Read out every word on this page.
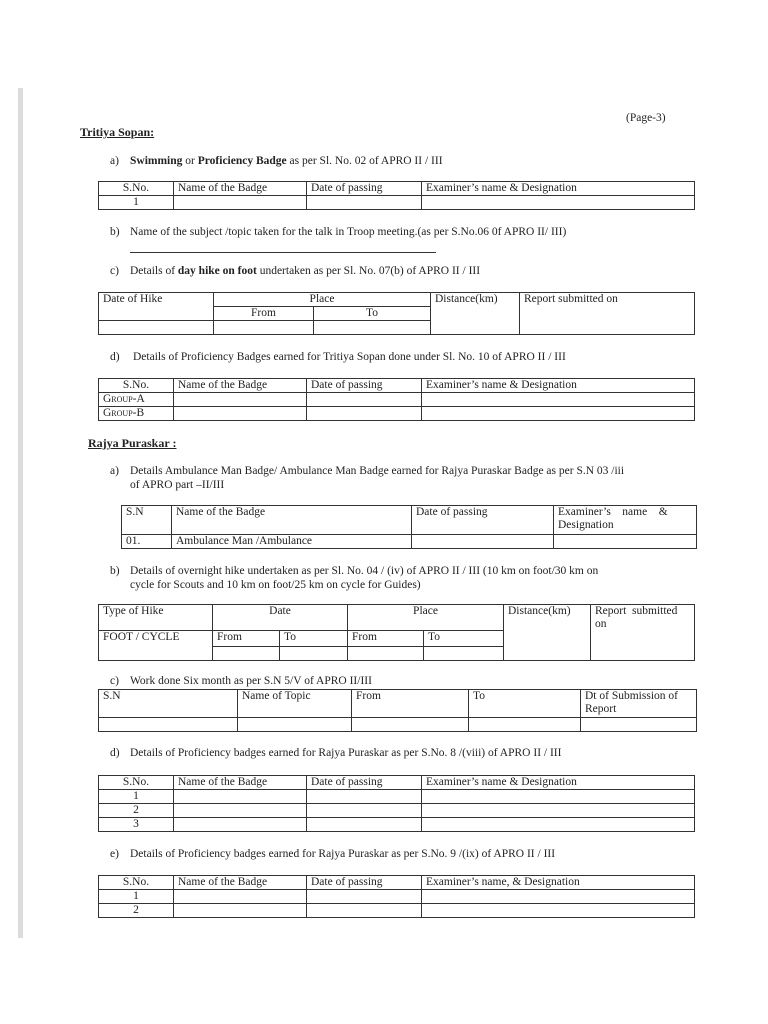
(Page-3)
Tritiya Sopan:
a) Swimming or Proficiency Badge as per Sl. No. 02 of APRO II / III
S.No.	Name of the Badge	Date of passing	Examiner’s name & Designation
1			
b) Name of the subject /topic taken for the talk in Troop meeting.(as per S.No.06 0f APRO II/ III)
c) Details of day hike on foot undertaken as per Sl. No. 07(b) of APRO II / III
Date of Hike	Place		Distance(km)	Report submitted on
	From	To		

d) Details of Proficiency Badges earned for Tritiya Sopan done under Sl. No. 10 of APRO II / III
S.No.	Name of the Badge	Date of passing	Examiner’s name & Designation
Group-A			
Group-B			
Rajya Puraskar :
a) Details Ambulance Man Badge/ Ambulance Man Badge earned for Rajya Puraskar Badge as per S.N 03 /iii
of APRO part –II/III
S.N	Name of the Badge	Date of passing	Examiner’s    name    &
Designation

01.	Ambulance Man /Ambulance		
b) Details of overnight hike undertaken as per Sl. No. 04 / (iv) of APRO II / III (10 km on foot/30 km on
cycle for Scouts and 10 km on foot/25 km on cycle for Guides)
Type of Hike	Date		Place		Distance(km)	Report  submitted
on

FOOT / CYCLE	From	To	From	To		

c) Work done Six month as per S.N 5/V of APRO II/III
S.N	Name of Topic	From	To	Dt of Submission of
Report

d) Details of Proficiency badges earned for Rajya Puraskar as per S.No. 8 /(viii) of APRO II / III
S.No.	Name of the Badge	Date of passing	Examiner’s name & Designation
1			
2			
3			
e) Details of Proficiency badges earned for Rajya Puraskar as per S.No. 9 /(ix) of APRO II / III
S.No.	Name of the Badge	Date of passing	Examiner’s name, & Designation
1			
2			
